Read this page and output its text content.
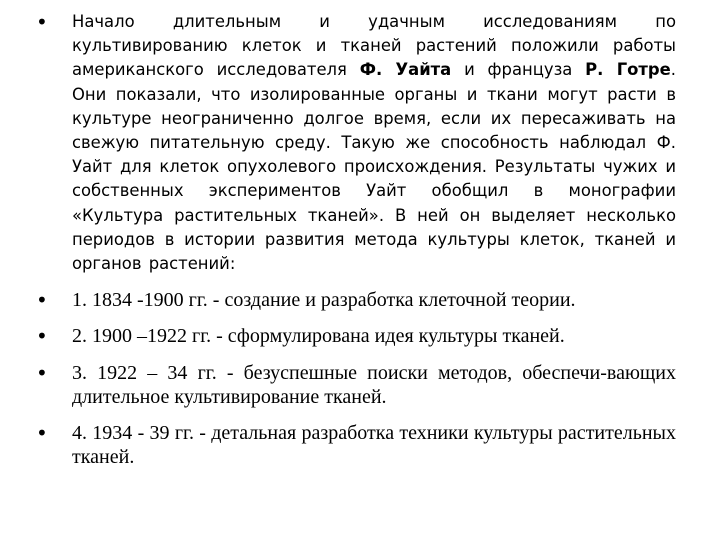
• Начало длительным и удачным исследованиям по культивированию клеток и тканей растений положили работы американского исследователя Ф. Уайта и француза Р. Готре. Они показали, что изолированные органы и ткани могут расти в культуре неограниченно долгое время, если их пересаживать на свежую питательную среду. Такую же способность наблюдал Ф. Уайт для клеток опухолевого происхождения. Результаты чужих и собственных экспериментов Уайт обобщил в монографии «Культура растительных тканей». В ней он выделяет несколько периодов в истории развития метода культуры клеток, тканей и органов растений:
• 1. 1834 -1900 гг. - создание и разработка клеточной теории.
• 2. 1900 –1922 гг. - сформулирована идея культуры тканей.
• 3. 1922 – 34 гг. - безуспешные поиски методов, обеспечи-вающих длительное культивирование тканей.
• 4. 1934 - 39 гг. - детальная разработка техники культуры растительных тканей.
